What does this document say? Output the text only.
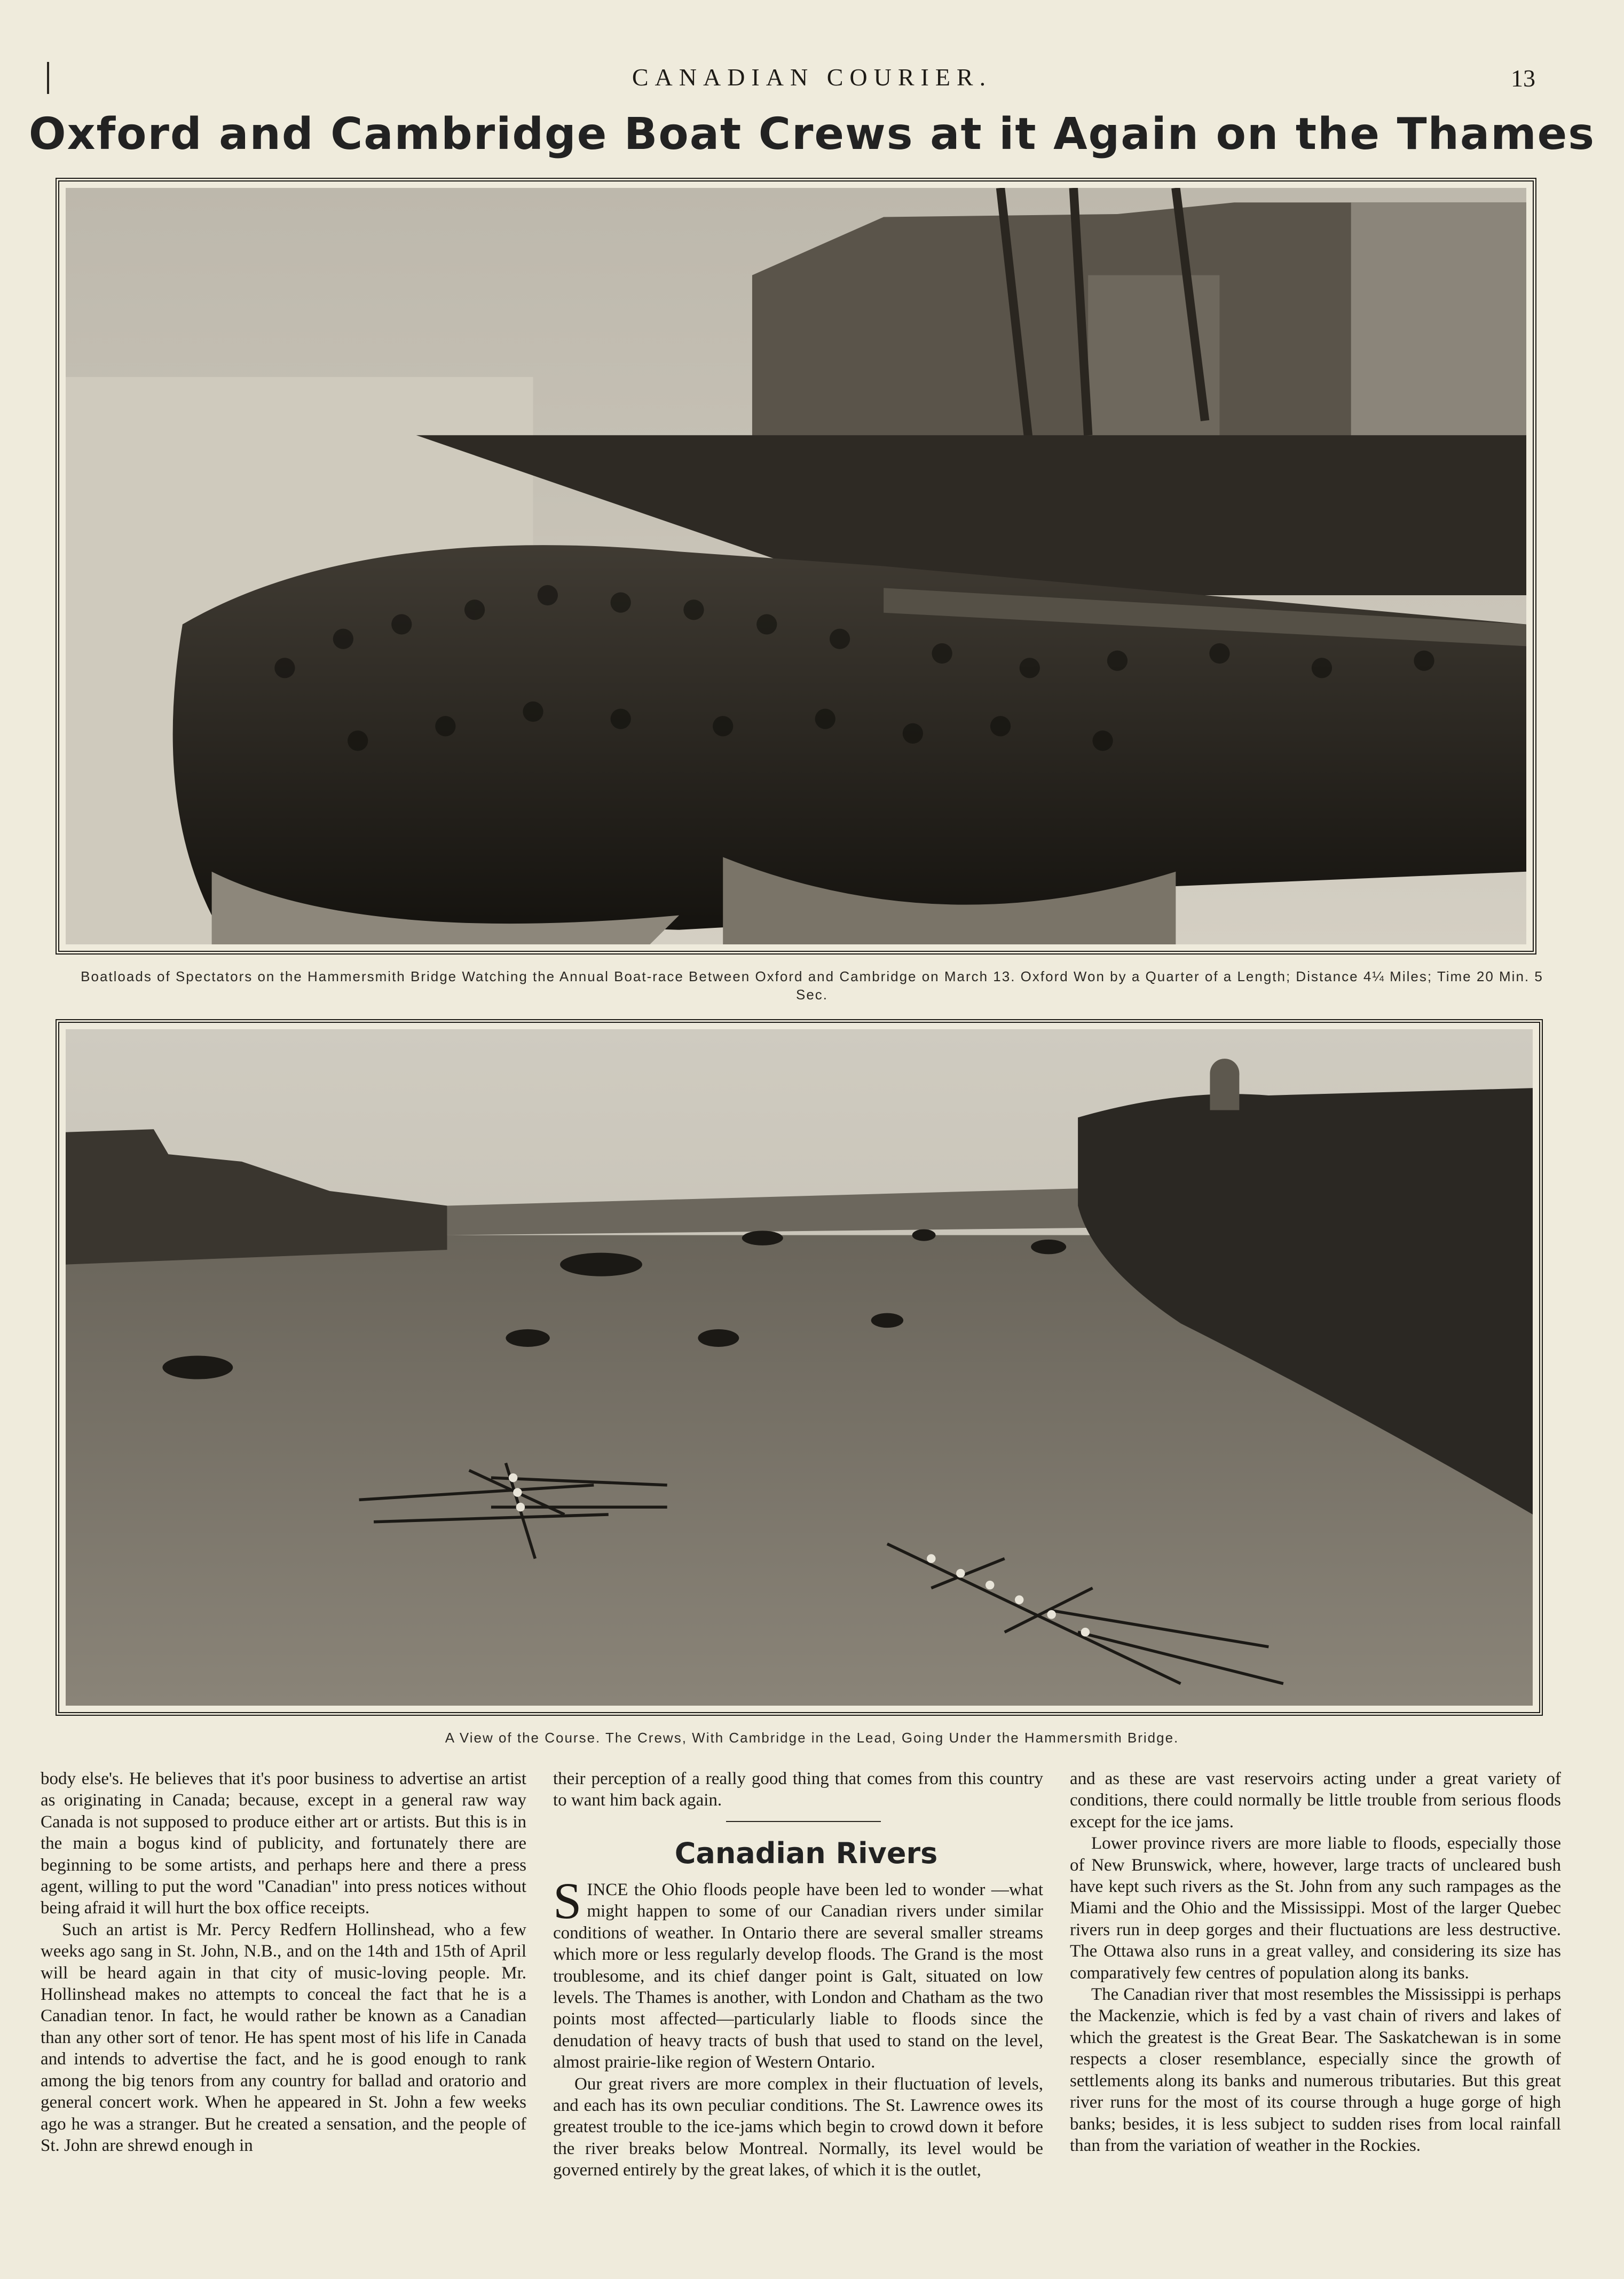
CANADIAN COURIER.	13
Oxford and Cambridge Boat Crews at it Again on the Thames
Boatloads of Spectators on the Hammersmith Bridge Watching the Annual Boat-race Between Oxford and Cambridge on March 13. Oxford Won by a Quarter of a Length; Distance 4¼ Miles; Time 20 Min. 5 Sec.
A View of the Course. The Crews, With Cambridge in the Lead, Going Under the Hammersmith Bridge.

body else's. He believes that it's poor business to advertise an artist as originating in Canada; because, except in a general raw way Canada is not supposed to produce either art or artists. But this is in the main a bogus kind of publicity, and fortunately there are beginning to be some artists, and perhaps here and there a press agent, willing to put the word "Canadian" into press notices without being afraid it will hurt the box office receipts.

Such an artist is Mr. Percy Redfern Hollinshead, who a few weeks ago sang in St. John, N.B., and on the 14th and 15th of April will be heard again in that city of music-loving people. Mr. Hollinshead makes no attempts to conceal the fact that he is a Canadian tenor. In fact, he would rather be known as a Canadian than any other sort of tenor. He has spent most of his life in Canada and intends to advertise the fact, and he is good enough to rank among the big tenors from any country for ballad and oratorio and general concert work. When he appeared in St. John a few weeks ago he was a stranger. But he created a sensation, and the people of St. John are shrewd enough in

their perception of a really good thing that comes from this country to want him back again.

Canadian Rivers

SINCE the Ohio floods people have been led to wonder —what might happen to some of our Canadian rivers under similar conditions of weather. In Ontario there are several smaller streams which more or less regularly develop floods. The Grand is the most troublesome, and its chief danger point is Galt, situated on low levels. The Thames is another, with London and Chatham as the two points most affected—particularly liable to floods since the denudation of heavy tracts of bush that used to stand on the level, almost prairie-like region of Western Ontario.

Our great rivers are more complex in their fluctuation of levels, and each has its own peculiar conditions. The St. Lawrence owes its greatest trouble to the ice-jams which begin to crowd down it before the river breaks below Montreal. Normally, its level would be governed entirely by the great lakes, of which it is the outlet,

and as these are vast reservoirs acting under a great variety of conditions, there could normally be little trouble from serious floods except for the ice jams.

Lower province rivers are more liable to floods, especially those of New Brunswick, where, however, large tracts of uncleared bush have kept such rivers as the St. John from any such rampages as the Miami and the Ohio and the Mississippi. Most of the larger Quebec rivers run in deep gorges and their fluctuations are less destructive. The Ottawa also runs in a great valley, and considering its size has comparatively few centres of population along its banks.

The Canadian river that most resembles the Mississippi is perhaps the Mackenzie, which is fed by a vast chain of rivers and lakes of which the greatest is the Great Bear. The Saskatchewan is in some respects a closer resemblance, especially since the growth of settlements along its banks and numerous tributaries. But this great river runs for the most of its course through a huge gorge of high banks; besides, it is less subject to sudden rises from local rainfall than from the variation of weather in the Rockies.
